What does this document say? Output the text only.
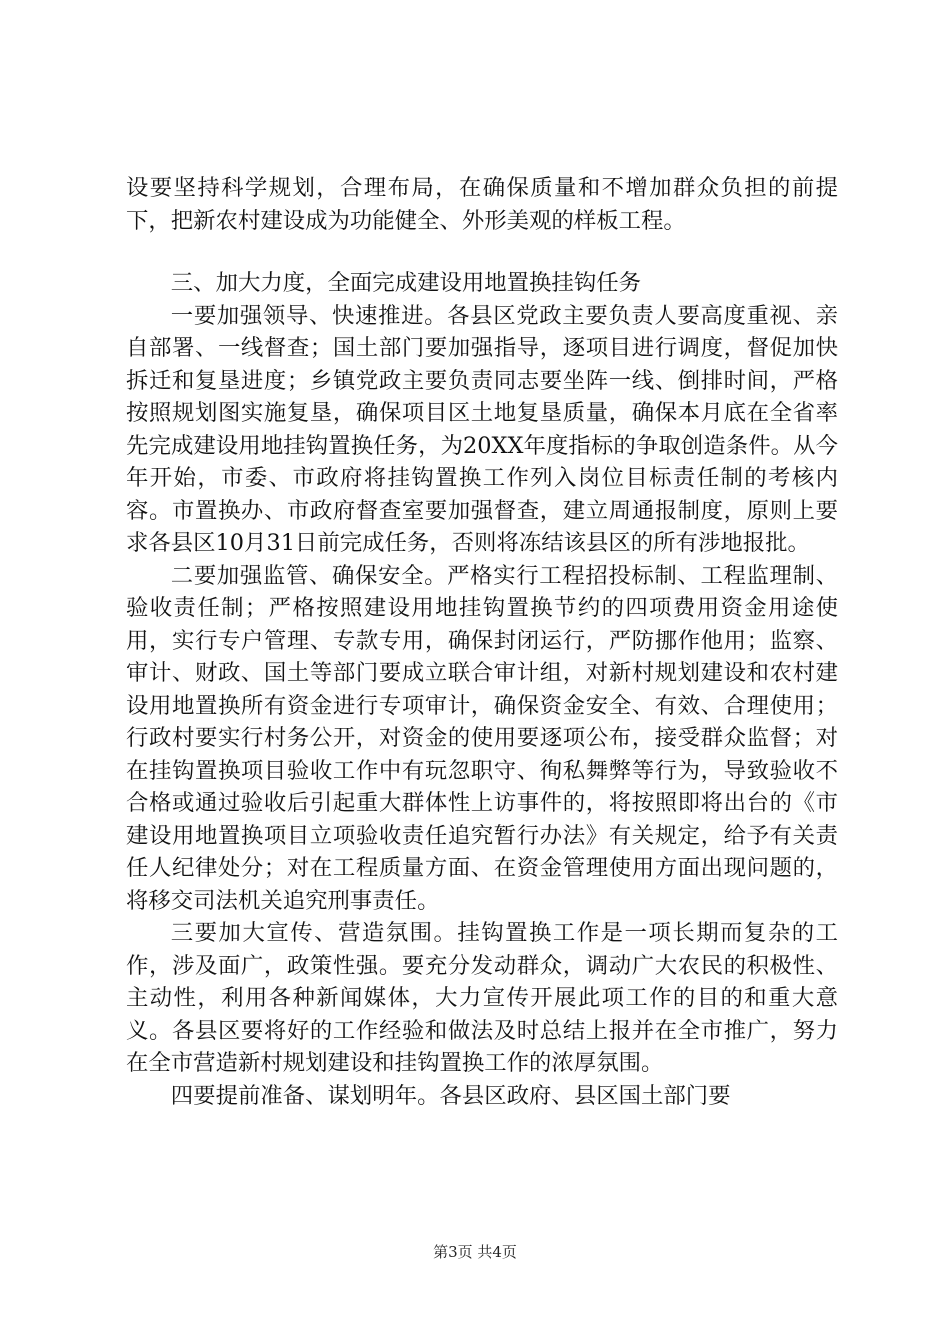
设要坚持科学规划，合理布局，在确保质量和不增加群众负担的前提下，把新农村建设成为功能健全、外形美观的样板工程。

三、加大力度，全面完成建设用地置换挂钩任务

一要加强领导、快速推进。各县区党政主要负责人要高度重视、亲自部署、一线督查；国土部门要加强指导，逐项目进行调度，督促加快拆迁和复垦进度；乡镇党政主要负责同志要坐阵一线、倒排时间，严格按照规划图实施复垦，确保项目区土地复垦质量，确保本月底在全省率先完成建设用地挂钩置换任务，为20XX年度指标的争取创造条件。从今年开始，市委、市政府将挂钩置换工作列入岗位目标责任制的考核内容。市置换办、市政府督查室要加强督查，建立周通报制度，原则上要求各县区10月31日前完成任务，否则将冻结该县区的所有涉地报批。

二要加强监管、确保安全。严格实行工程招投标制、工程监理制、验收责任制；严格按照建设用地挂钩置换节约的四项费用资金用途使用，实行专户管理、专款专用，确保封闭运行，严防挪作他用；监察、审计、财政、国土等部门要成立联合审计组，对新村规划建设和农村建设用地置换所有资金进行专项审计，确保资金安全、有效、合理使用；行政村要实行村务公开，对资金的使用要逐项公布，接受群众监督；对在挂钩置换项目验收工作中有玩忽职守、徇私舞弊等行为，导致验收不合格或通过验收后引起重大群体性上访事件的，将按照即将出台的《市建设用地置换项目立项验收责任追究暂行办法》有关规定，给予有关责任人纪律处分；对在工程质量方面、在资金管理使用方面出现问题的，将移交司法机关追究刑事责任。

三要加大宣传、营造氛围。挂钩置换工作是一项长期而复杂的工作，涉及面广，政策性强。要充分发动群众，调动广大农民的积极性、主动性，利用各种新闻媒体，大力宣传开展此项工作的目的和重大意义。各县区要将好的工作经验和做法及时总结上报并在全市推广，努力在全市营造新村规划建设和挂钩置换工作的浓厚氛围。

四要提前准备、谋划明年。各县区政府、县区国土部门要

第3页 共4页
